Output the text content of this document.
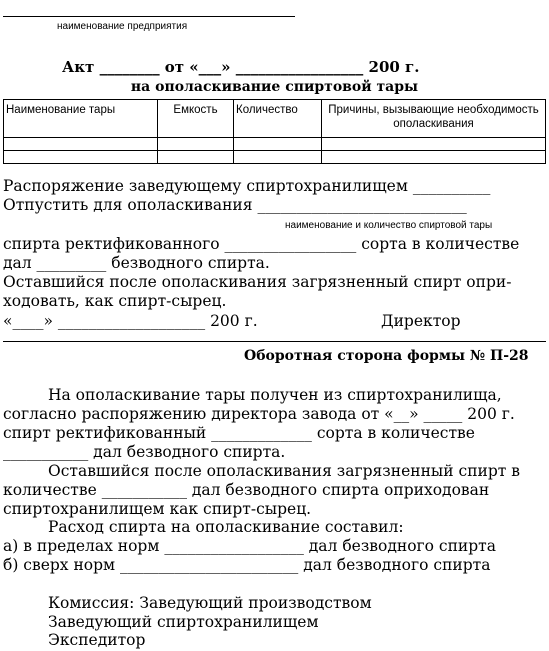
наименование предприятия
Акт ________ от «___» _________________ 200 г.
на ополаскивание спиртовой тары
Наименование тары	Емкость	Количество	Причины, вызывающие необходимость ополаскивания

Распоряжение заведующему спиртохранилищем __________
Отпустить для ополаскивания ___________________________
наименование и количество спиртовой тары
спирта ректификованного _________________ сорта в количестве
дал _________ безводного спирта.
Оставшийся после ополаскивания загрязненный спирт опри-
ходовать, как спирт-сырец.
«____» ___________________ 200 г.	Директор
Оборотная сторона формы № П-28
На ополаскивание тары получен из спиртохранилища,
согласно распоряжению директора завода от «__» _____ 200 г.
спирт ректификованный _____________ сорта в количестве
___________ дал безводного спирта.
Оставшийся после ополаскивания загрязненный спирт в
количестве ___________ дал безводного спирта оприходован
спиртохранилищем как спирт-сырец.
Расход спирта на ополаскивание составил:
а) в пределах норм __________________ дал безводного спирта
б) сверх норм _______________________ дал безводного спирта
Комиссия: Заведующий производством
Заведующий спиртохранилищем
Экспедитор
